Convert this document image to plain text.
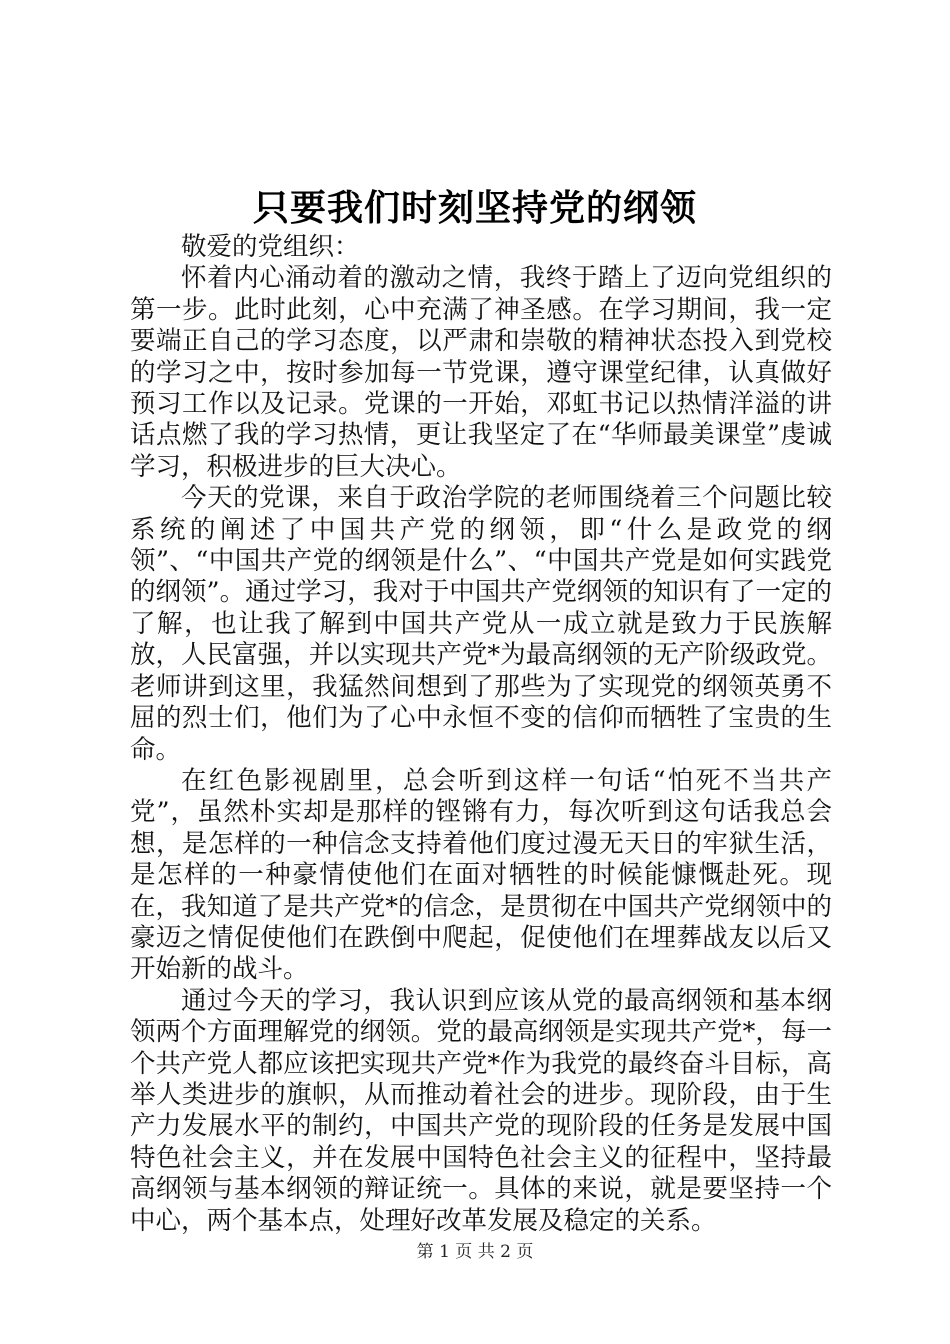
只要我们时刻坚持党的纲领

敬爱的党组织：

怀着内心涌动着的激动之情，我终于踏上了迈向党组织的第一步。此时此刻，心中充满了神圣感。在学习期间，我一定要端正自己的学习态度，以严肃和崇敬的精神状态投入到党校的学习之中，按时参加每一节党课，遵守课堂纪律，认真做好预习工作以及记录。党课的一开始，邓虹书记以热情洋溢的讲话点燃了我的学习热情，更让我坚定了在“华师最美课堂”虔诚学习，积极进步的巨大决心。

今天的党课，来自于政治学院的老师围绕着三个问题比较系统的阐述了中国共产党的纲领，即“什么是政党的纲领”、“中国共产党的纲领是什么”、“中国共产党是如何实践党的纲领”。通过学习，我对于中国共产党纲领的知识有了一定的了解，也让我了解到中国共产党从一成立就是致力于民族解放，人民富强，并以实现共产党*为最高纲领的无产阶级政党。老师讲到这里，我猛然间想到了那些为了实现党的纲领英勇不屈的烈士们，他们为了心中永恒不变的信仰而牺牲了宝贵的生命。

在红色影视剧里，总会听到这样一句话“怕死不当共产党”，虽然朴实却是那样的铿锵有力，每次听到这句话我总会想，是怎样的一种信念支持着他们度过漫无天日的牢狱生活，是怎样的一种豪情使他们在面对牺牲的时候能慷慨赴死。现在，我知道了是共产党*的信念，是贯彻在中国共产党纲领中的豪迈之情促使他们在跌倒中爬起，促使他们在埋葬战友以后又开始新的战斗。

通过今天的学习，我认识到应该从党的最高纲领和基本纲领两个方面理解党的纲领。党的最高纲领是实现共产党*，每一个共产党人都应该把实现共产党*作为我党的最终奋斗目标，高举人类进步的旗帜，从而推动着社会的进步。现阶段，由于生产力发展水平的制约，中国共产党的现阶段的任务是发展中国特色社会主义，并在发展中国特色社会主义的征程中，坚持最高纲领与基本纲领的辩证统一。具体的来说，就是要坚持一个中心，两个基本点，处理好改革发展及稳定的关系。

第 1 页 共 2 页
